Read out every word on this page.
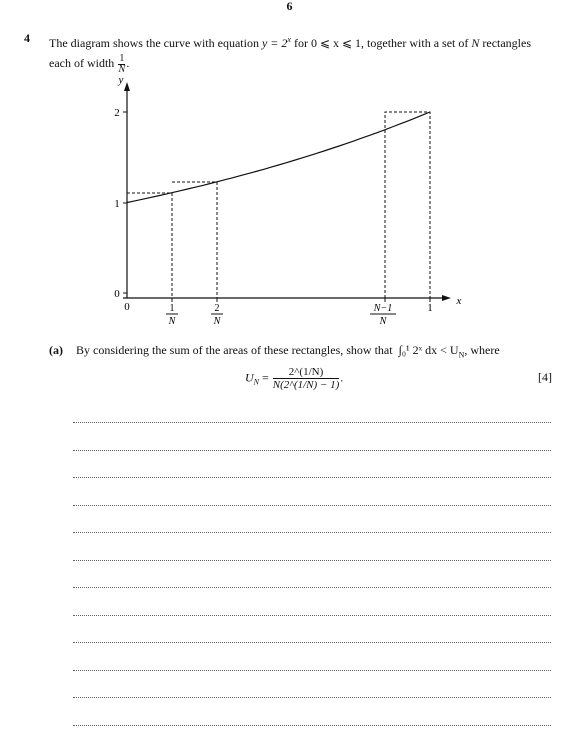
6
4 The diagram shows the curve with equation $y = 2^x$ for 0 ⩽ x ⩽ 1, together with a set of N rectangles
each of width $\frac{1}{N}$ .
2
1
0
y
x
0	1
N
2
N
N−1
N
1
(a) By considering the sum of the areas of these rectangles, show that ∫₀¹ 2ˣ dx < $U_N$, where
$U_N = \frac{2\^{}(1/N)}{N(2\^{}(1/N) - 1)}$ .	[4]
